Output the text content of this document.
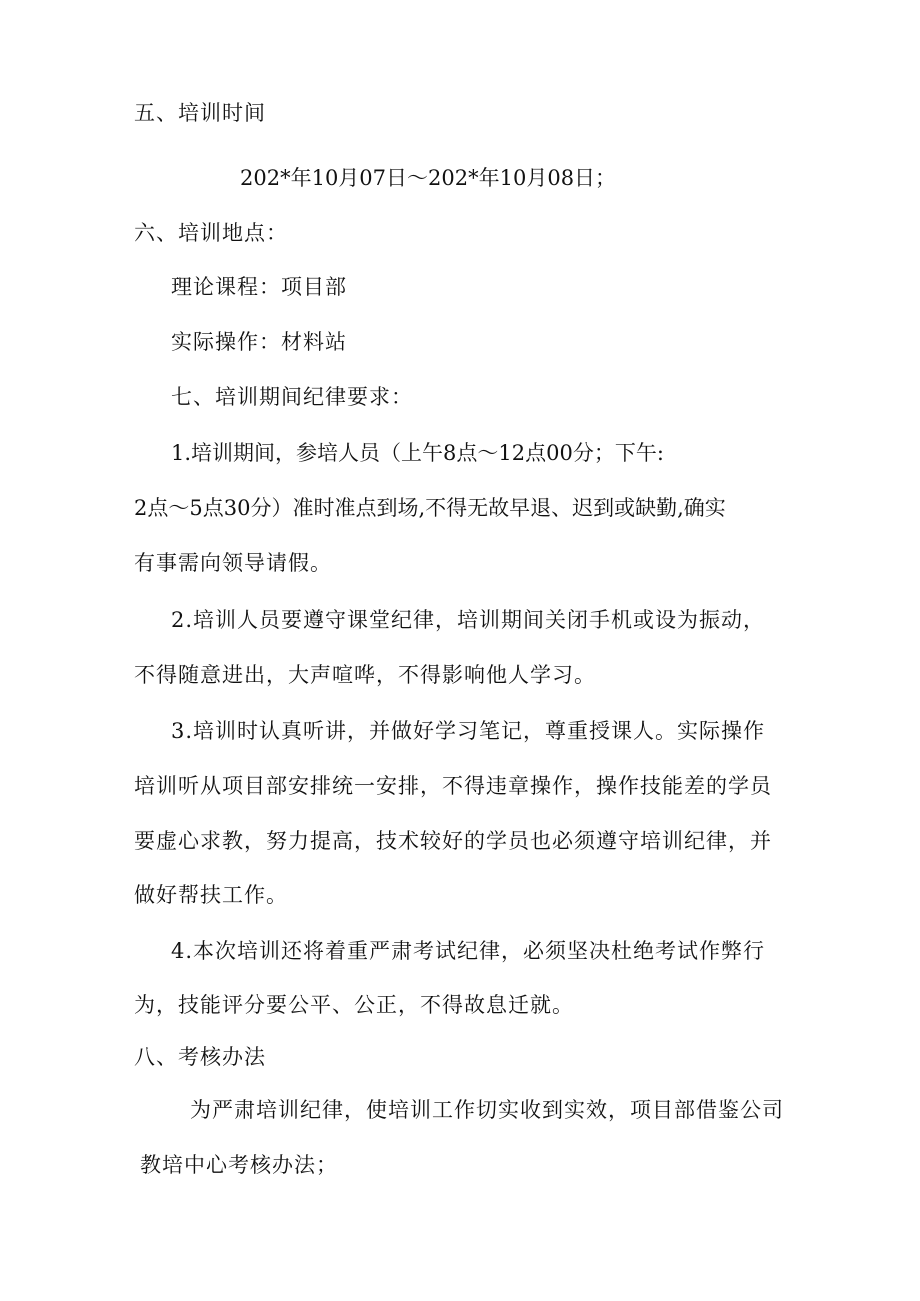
五、培训时间
202*年10月07日～202*年10月08日；
六、培训地点：
理论课程：项目部
实际操作：材料站
七、培训期间纪律要求：
1.培训期间，参培人员（上午8点～12点00分；下午:
2点～5点30分）准时准点到场,不得无故早退、迟到或缺勤,确实
有事需向领导请假。
2.培训人员要遵守课堂纪律，培训期间关闭手机或设为振动，
不得随意进出，大声喧哗，不得影响他人学习。
3.培训时认真听讲，并做好学习笔记，尊重授课人。实际操作
培训听从项目部安排统一安排，不得违章操作，操作技能差的学员
要虚心求教，努力提高，技术较好的学员也必须遵守培训纪律，并
做好帮扶工作。
4.本次培训还将着重严肃考试纪律，必须坚决杜绝考试作弊行
为，技能评分要公平、公正，不得故息迁就。
八、考核办法
为严肃培训纪律，使培训工作切实收到实效，项目部借鉴公司
教培中心考核办法；
